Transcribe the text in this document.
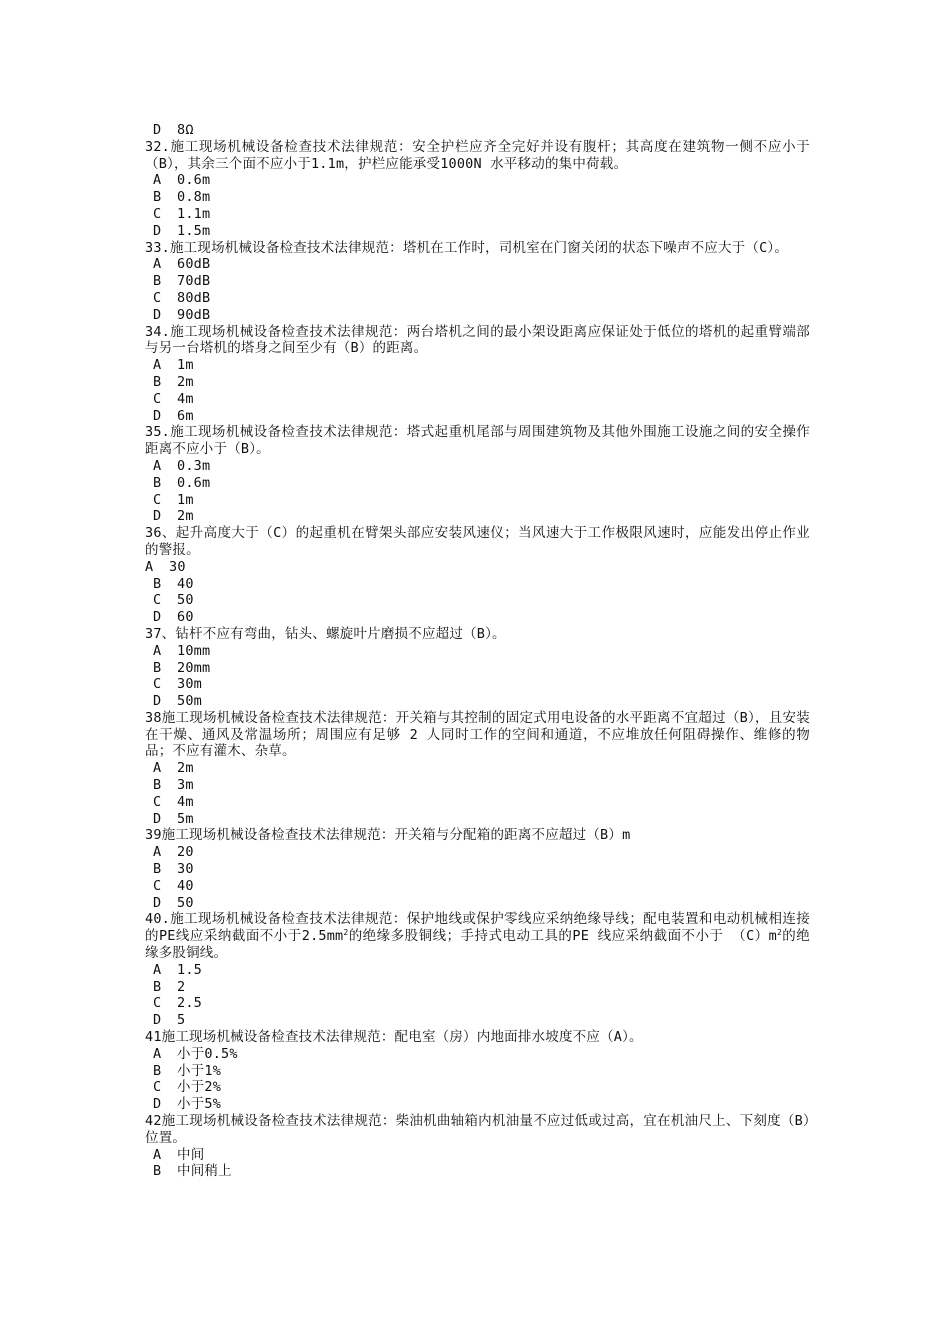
D 8Ω

32.施工现场机械设备检查技术法律规范：安全护栏应齐全完好并设有腹杆；其高度在建筑物一侧不应小于（B），其余三个面不应小于1.1m，护栏应能承受1000N 水平移动的集中荷载。

A 0.6m

B 0.8m

C 1.1m

D 1.5m

33.施工现场机械设备检查技术法律规范：塔机在工作时，司机室在门窗关闭的状态下噪声不应大于（C）。

A 60dB

B 70dB

C 80dB

D 90dB

34.施工现场机械设备检查技术法律规范：两台塔机之间的最小架设距离应保证处于低位的塔机的起重臂端部与另一台塔机的塔身之间至少有（B）的距离。

A 1m

B 2m

C 4m

D 6m

35.施工现场机械设备检查技术法律规范：塔式起重机尾部与周围建筑物及其他外围施工设施之间的安全操作距离不应小于（B）。

A 0.3m

B 0.6m

C 1m

D 2m

36、起升高度大于（C）的起重机在臂架头部应安装风速仪；当风速大于工作极限风速时，应能发出停止作业的警报。

A 30

B 40

C 50

D 60

37、钻杆不应有弯曲，钻头、螺旋叶片磨损不应超过（B）。

A 10mm

B 20mm

C 30m

D 50m

38施工现场机械设备检查技术法律规范：开关箱与其控制的固定式用电设备的水平距离不宜超过（B），且安装在干燥、通风及常温场所；周围应有足够 2 人同时工作的空间和通道，不应堆放任何阻碍操作、维修的物品；不应有灌木、杂草。

A 2m

B 3m

C 4m

D 5m

39施工现场机械设备检查技术法律规范：开关箱与分配箱的距离不应超过（B）m

A 20

B 30

C 40

D 50

40.施工现场机械设备检查技术法律规范：保护地线或保护零线应采纳绝缘导线；配电装置和电动机械相连接的PE线应采纳截面不小于$2.5mm^2$的绝缘多股铜线；手持式电动工具的PE 线应采纳截面不小于 $(C)m^2$的绝缘多股铜线。

A 1.5

B 2

C 2.5

D 5

41施工现场机械设备检查技术法律规范：配电室（房）内地面排水坡度不应（A）。

A 小于0.5%

B 小于1%

C 小于2%

D 小于5%

42施工现场机械设备检查技术法律规范：柴油机曲轴箱内机油量不应过低或过高，宜在机油尺上、下刻度（B）位置。

A 中间

B 中间稍上
